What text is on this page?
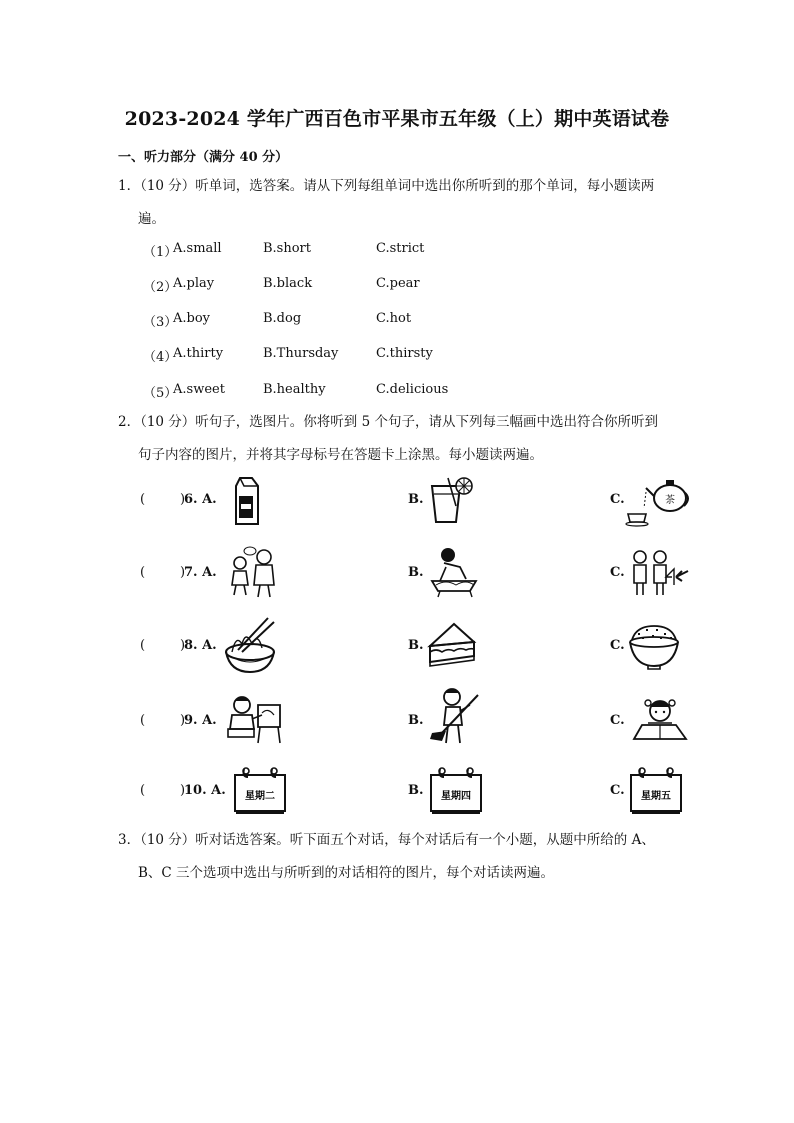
2023-2024 学年广西百色市平果市五年级（上）期中英语试卷
一、听力部分（满分 40 分）
1．（10 分）听单词，选答案。请从下列每组单词中选出你所听到的那个单词，每小题读两
遍。
（1）
A.small	B.short	C.strict
（2）
A.play	B.black	C.pear
（3）
A.boy	B.dog	C.hot
（4）
A.thirty	B.Thursday	C.thirsty
（5）
A.sweet	B.healthy	C.delicious
2．（10 分）听句子，选图片。你将听到 5 个句子，请从下列每三幅画中选出符合你所听到
句子内容的图片，并将其字母标号在答题卡上涂黑。每小题读两遍。
(	)
6. A.	B.	C.	茶
(	)
7. A.	B.	C.
(	)
8. A.	B.	C.
(	)
9. A.	B.	C.
(	)
10. A. 星期二	B. 星期四	C. 星期五
3．（10 分）听对话选答案。听下面五个对话，每个对话后有一个小题，从题中所给的 A、
B、C 三个选项中选出与所听到的对话相符的图片，每个对话读两遍。
